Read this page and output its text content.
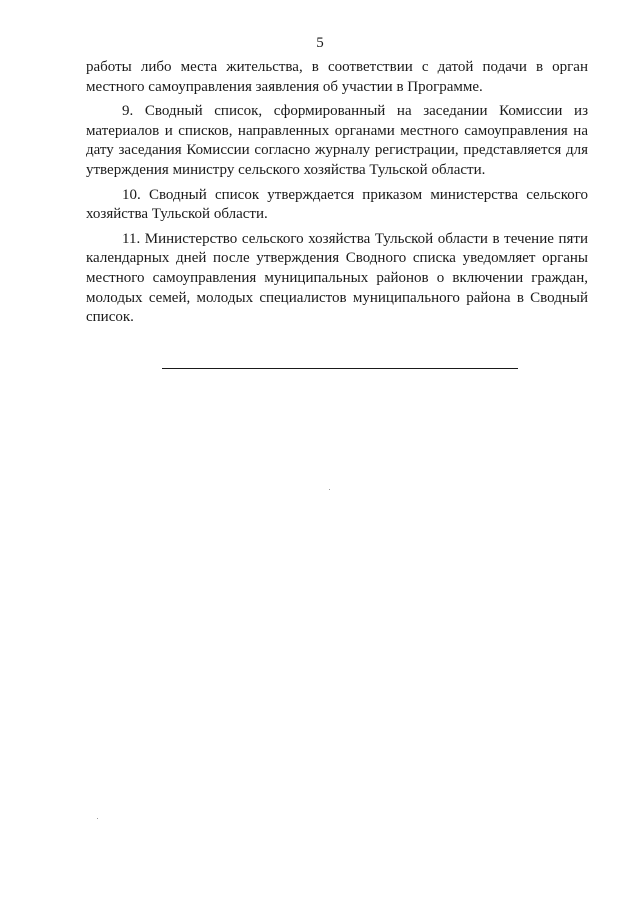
5

работы либо места жительства, в соответствии с датой подачи в орган местного самоуправления заявления об участии в Программе.

9. Сводный список, сформированный на заседании Комиссии из материалов и списков, направленных органами местного самоуправления на дату заседания Комиссии согласно журналу регистрации, представляется для утверждения министру сельского хозяйства Тульской области.

10. Сводный список утверждается приказом министерства сельского хозяйства Тульской области.

11. Министерство сельского хозяйства Тульской области в течение пяти календарных дней после утверждения Сводного списка уведомляет органы местного самоуправления муниципальных районов о включении граждан, молодых семей, молодых специалистов муниципального района в Сводный список.
